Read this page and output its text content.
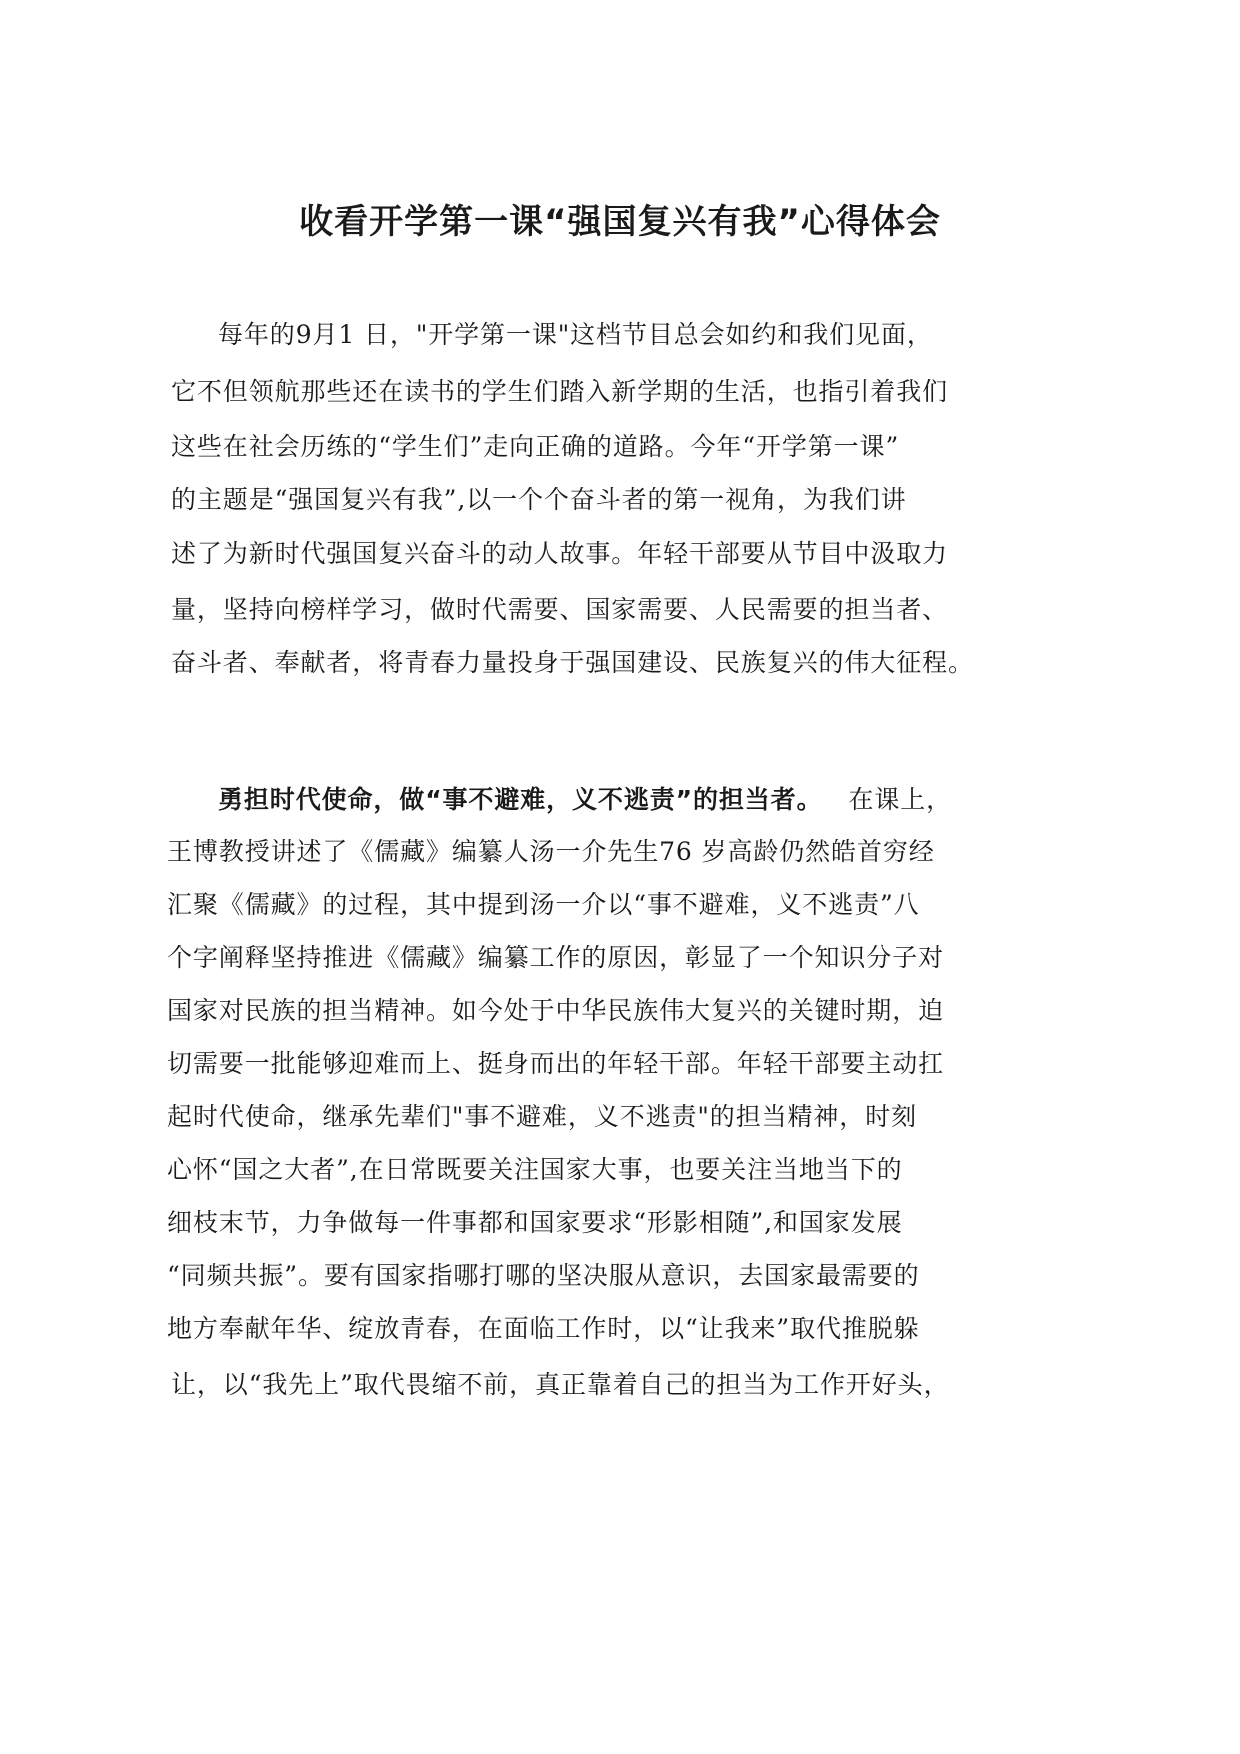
收看开学第一课“强国复兴有我”心得体会
每年的9月1 日，"开学第一课"这档节目总会如约和我们见面，
它不但领航那些还在读书的学生们踏入新学期的生活，也指引着我们
这些在社会历练的“学生们”走向正确的道路。今年“开学第一课”
的主题是“强国复兴有我”,以一个个奋斗者的第一视角，为我们讲
述了为新时代强国复兴奋斗的动人故事。年轻干部要从节目中汲取力
量，坚持向榜样学习，做时代需要、国家需要、人民需要的担当者、
奋斗者、奉献者，将青春力量投身于强国建设、民族复兴的伟大征程。
勇担时代使命，做“事不避难，义不逃责”的担当者。 在课上，
王博教授讲述了《儒藏》编纂人汤一介先生76 岁高龄仍然皓首穷经
汇聚《儒藏》的过程，其中提到汤一介以“事不避难，义不逃责”八
个字阐释坚持推进《儒藏》编纂工作的原因，彰显了一个知识分子对
国家对民族的担当精神。如今处于中华民族伟大复兴的关键时期，迫
切需要一批能够迎难而上、挺身而出的年轻干部。年轻干部要主动扛
起时代使命，继承先辈们"事不避难，义不逃责"的担当精神，时刻
心怀“国之大者”,在日常既要关注国家大事，也要关注当地当下的
细枝末节，力争做每一件事都和国家要求“形影相随”,和国家发展
“同频共振”。要有国家指哪打哪的坚决服从意识，去国家最需要的
地方奉献年华、绽放青春，在面临工作时，以“让我来”取代推脱躲
让，以“我先上”取代畏缩不前，真正靠着自己的担当为工作开好头，
